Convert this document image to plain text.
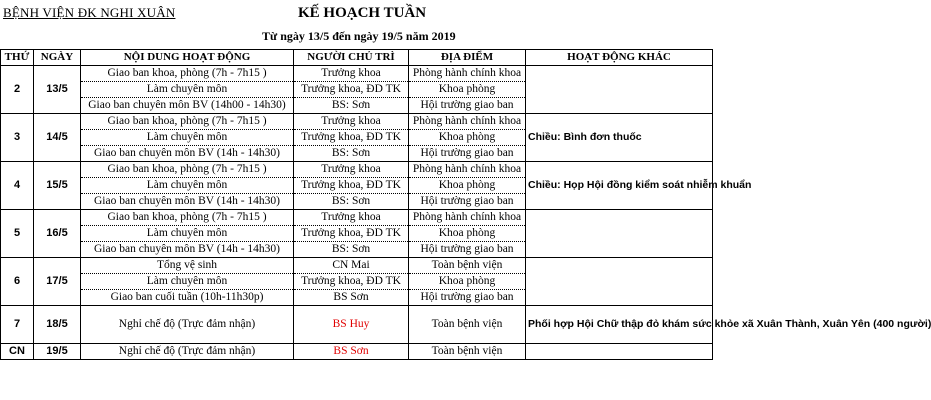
BỆNH VIỆN ĐK NGHI XUÂN	KẾ HOẠCH TUẦN
Từ ngày 13/5 đến ngày 19/5 năm 2019
THỨ	NGÀY	NỘI DUNG HOẠT ĐỘNG	NGƯỜI CHỦ TRÌ	ĐỊA ĐIỂM	HOẠT ĐỘNG KHÁC
2	13/5	Giao ban khoa, phòng (7h - 7h15 )	Trưởng khoa	Phòng hành chính khoa	
		Làm chuyên môn	Trưởng khoa, ĐD TK	Khoa phòng	
		Giao ban chuyên môn BV (14h00 - 14h30)	BS: Sơn	Hội trường giao ban	
3	14/5	Giao ban khoa, phòng (7h - 7h15 )	Trưởng khoa	Phòng hành chính khoa	Chiều: Bình đơn thuốc
		Làm chuyên môn	Trưởng khoa, ĐD TK	Khoa phòng	
		Giao ban chuyên môn BV (14h - 14h30)	BS: Sơn	Hội trường giao ban	
4	15/5	Giao ban khoa, phòng (7h - 7h15 )	Trưởng khoa	Phòng hành chính khoa	Chiều: Họp Hội đồng kiểm soát nhiễm khuẩn
		Làm chuyên môn	Trưởng khoa, ĐD TK	Khoa phòng	
		Giao ban chuyên môn BV (14h - 14h30)	BS: Sơn	Hội trường giao ban	
5	16/5	Giao ban khoa, phòng (7h - 7h15 )	Trưởng khoa	Phòng hành chính khoa	
		Làm chuyên môn	Trưởng khoa, ĐD TK	Khoa phòng	
		Giao ban chuyên môn BV (14h - 14h30)	BS: Sơn	Hội trường giao ban	
6	17/5	Tổng vệ sinh	CN Mai	Toàn bệnh viện	
		Làm chuyên môn	Trưởng khoa, ĐD TK	Khoa phòng	
		Giao ban cuối tuần (10h-11h30p)	BS Sơn	Hội trường giao ban	
7	18/5	Nghỉ chế độ (Trực đảm nhận)	BS Huy	Toàn bệnh viện	Phối hợp Hội Chữ thập đỏ khám sức khỏe xã Xuân Thành, Xuân Yên (400 người)
CN	19/5	Nghỉ chế độ (Trực đảm nhận)	BS Sơn	Toàn bệnh viện	
